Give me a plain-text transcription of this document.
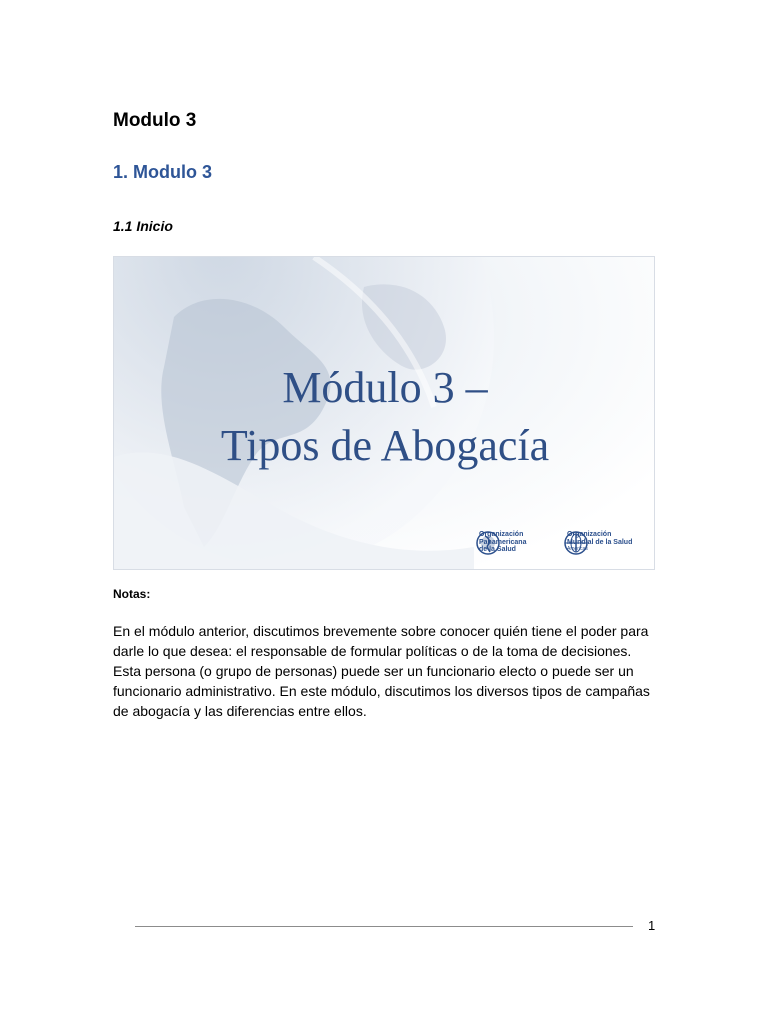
Modulo 3
1. Modulo 3
1.1 Inicio
Módulo 3 –
Tipos de Abogacía
Organización
Panamericana
de la Salud
Organización
Mundial de la Salud
Américas

Notas:

En el módulo anterior, discutimos brevemente sobre conocer quién tiene el poder para darle lo que desea: el responsable de formular políticas o de la toma de decisiones. Esta persona (o grupo de personas) puede ser un funcionario electo o puede ser un funcionario administrativo. En este módulo, discutimos los diversos tipos de campañas de abogacía y las diferencias entre ellos.

1
